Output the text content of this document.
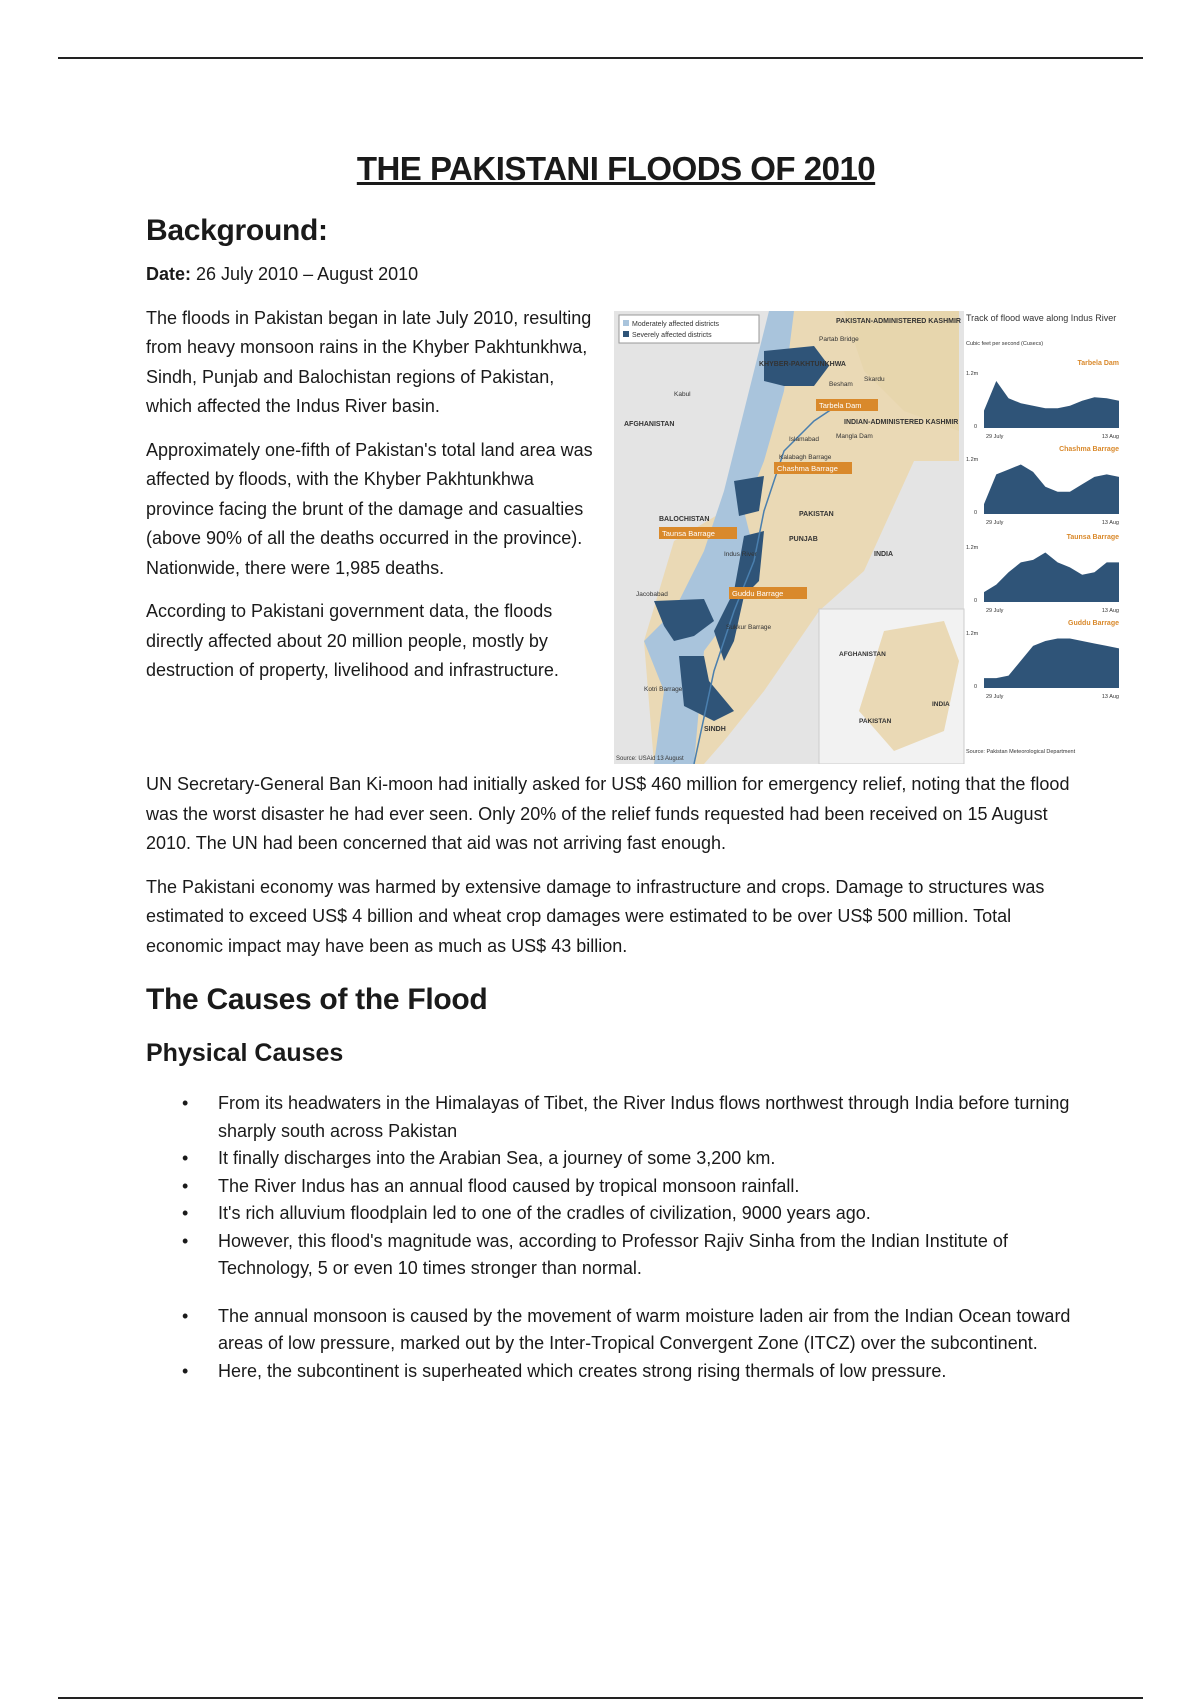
THE PAKISTANI FLOODS OF 2010
Background:
Moderately affected districts
Severely affected districts
PAKISTAN-ADMINISTERED KASHMIR
KHYBER-PAKHTUNKHWA
AFGHANISTAN	INDIAN-ADMINISTERED KASHMIR
BALOCHISTAN
PAKISTAN
PUNJAB
INDIA
SINDH
Kabul
Skardu
Besham
Islamabad	Mangla Dam
Kalabagh Barrage
Indus River
Jacobabad
Sukkur Barrage
Kotri Barrage
Partab Bridge
Tarbela Dam
Chashma Barrage
Taunsa Barrage
Guddu Barrage
AFGHANISTAN
PAKISTAN
INDIA
Source: USAid 13 August
Track of flood wave along Indus River
Cubic feet per second (Cusecs)
Tarbela Dam
1.2m
0
29 July	13 Aug
Chashma Barrage
1.2m
0
29 July	13 Aug
Taunsa Barrage
1.2m
0
29 July	13 Aug
Guddu Barrage
1.2m
0
29 July	13 Aug
Source: Pakistan Meteorological Department

Date: 26 July 2010 – August 2010

The floods in Pakistan began in late July 2010, resulting from heavy monsoon rains in the Khyber Pakhtunkhwa, Sindh, Punjab and Balochistan regions of Pakistan, which affected the Indus River basin.

Approximately one-fifth of Pakistan's total land area was affected by floods, with the Khyber Pakhtunkhwa province facing the brunt of the damage and casualties (above 90% of all the deaths occurred in the province). Nationwide, there were 1,985 deaths.

According to Pakistani government data, the floods directly affected about 20 million people, mostly by destruction of property, livelihood and infrastructure.

UN Secretary-General Ban Ki-moon had initially asked for US$ 460 million for emergency relief, noting that the flood was the worst disaster he had ever seen. Only 20% of the relief funds requested had been received on 15 August 2010. The UN had been concerned that aid was not arriving fast enough.

The Pakistani economy was harmed by extensive damage to infrastructure and crops. Damage to structures was estimated to exceed US$ 4 billion and wheat crop damages were estimated to be over US$ 500 million. Total economic impact may have been as much as US$ 43 billion.

The Causes of the Flood
Physical Causes
• From its headwaters in the Himalayas of Tibet, the River Indus flows northwest through India before turning sharply south across Pakistan
• It finally discharges into the Arabian Sea, a journey of some 3,200 km.
• The River Indus has an annual flood caused by tropical monsoon rainfall.
• It's rich alluvium floodplain led to one of the cradles of civilization, 9000 years ago.
• However, this flood's magnitude was, according to Professor Rajiv Sinha from the Indian Institute of Technology, 5 or even 10 times stronger than normal.
• The annual monsoon is caused by the movement of warm moisture laden air from the Indian Ocean toward areas of low pressure, marked out by the Inter-Tropical Convergent Zone (ITCZ) over the subcontinent.
• Here, the subcontinent is superheated which creates strong rising thermals of low pressure.
